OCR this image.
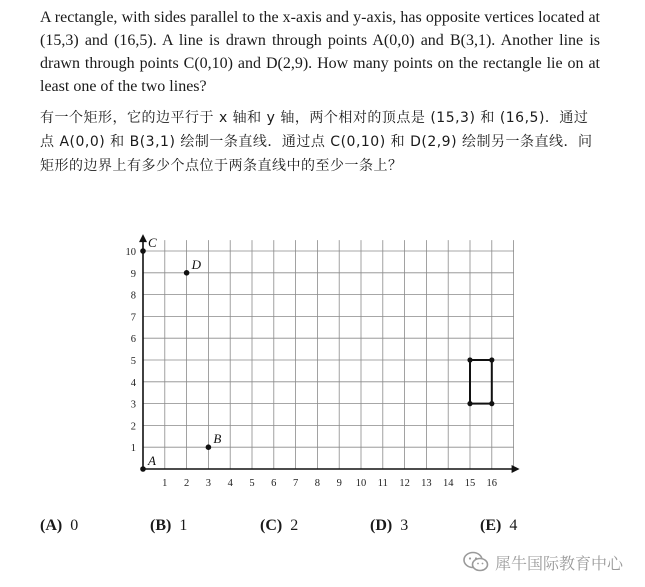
A rectangle, with sides parallel to the x-axis and y-axis, has opposite vertices located at (15,3) and (16,5). A line is drawn through points A(0,0) and B(3,1). Another line is drawn through points C(0,10) and D(2,9). How many points on the rectangle lie on at least one of the two lines?
有一个矩形，它的边平行于 x 轴和 y 轴，两个相对的顶点是 (15,3) 和 (16,5)．通过点 A(0,0) 和 B(3,1) 绘制一条直线．通过点 C(0,10) 和 D(2,9) 绘制另一条直线．问矩形的边界上有多少个点位于两条直线中的至少一条上？
1 2 3 4 5 6 7 8 9 10 11 12 13 14 15 16
1
2
3
4
5
6
7
8
9
10
A
B
C
D
(A) 0	(B) 1	(C) 2	(D) 3	(E) 4
犀牛国际教育中心
